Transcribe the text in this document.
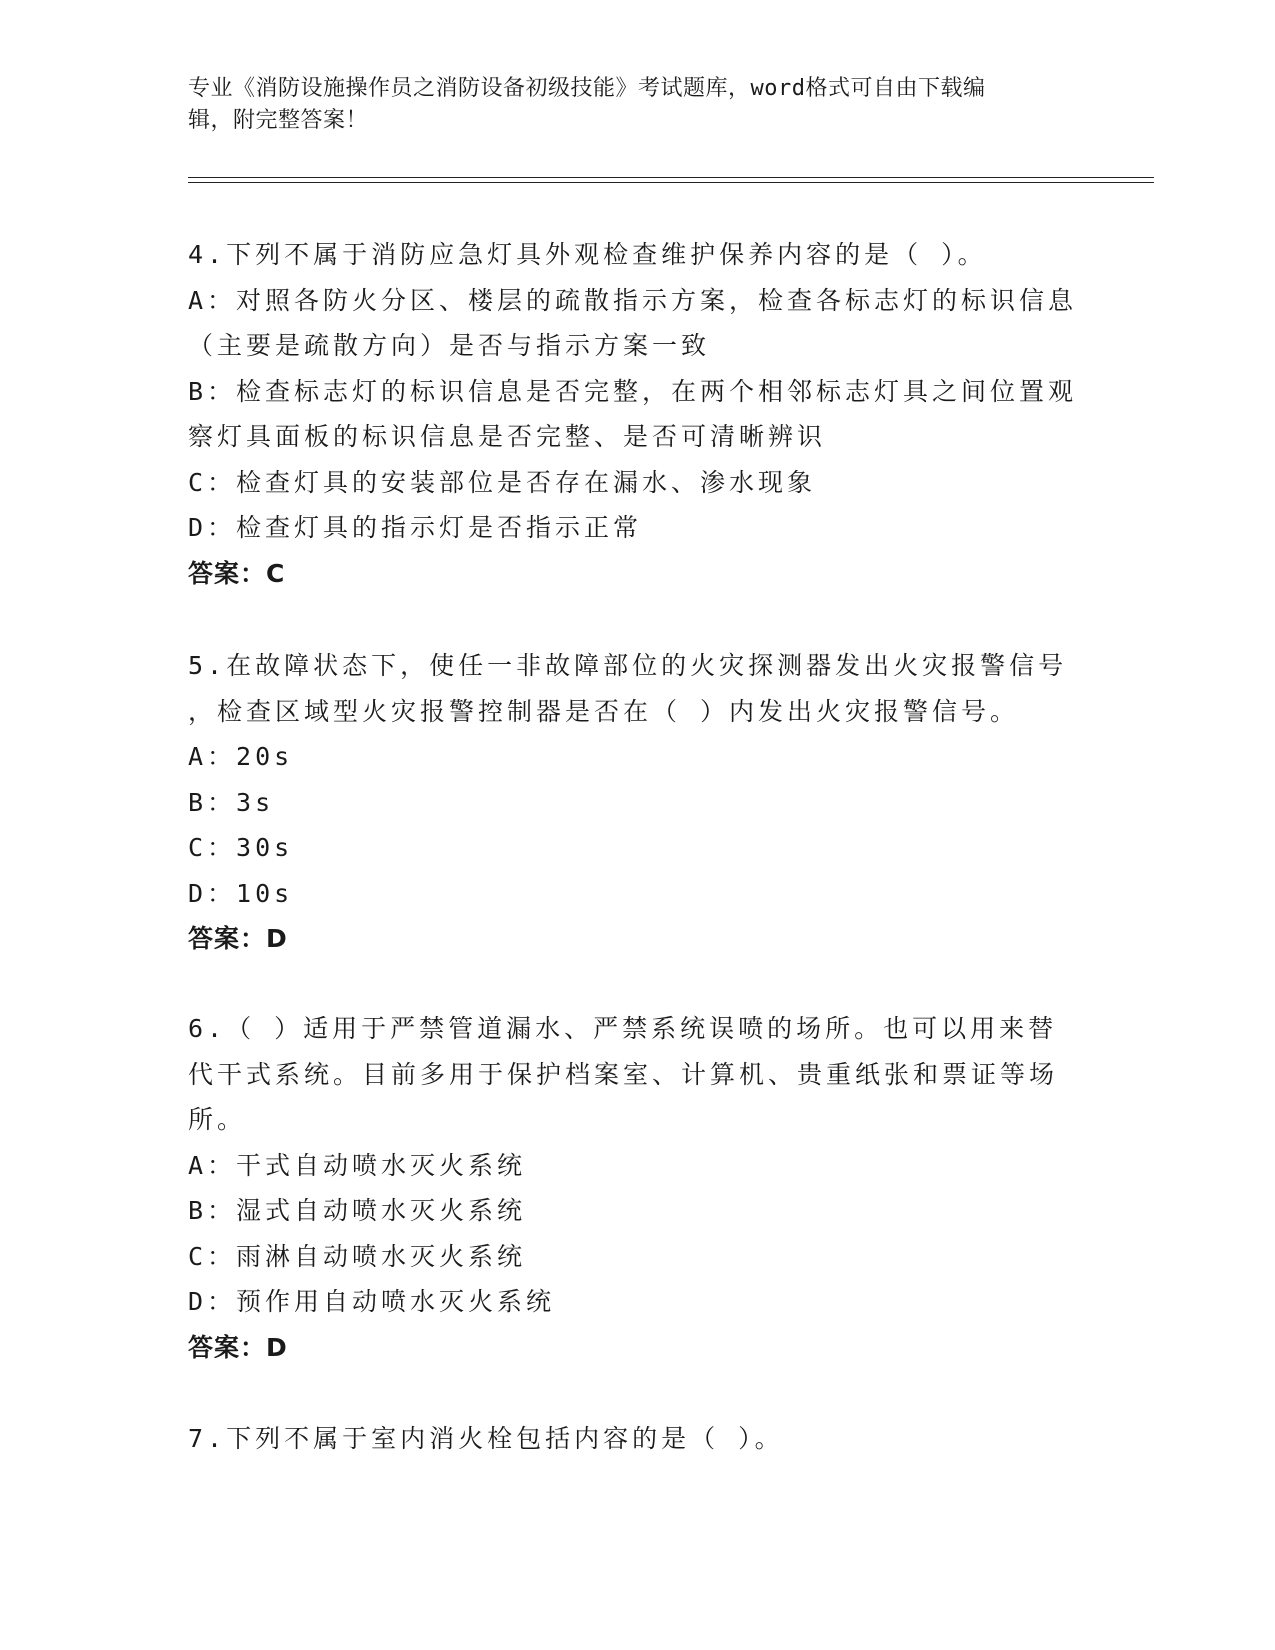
专业《消防设施操作员之消防设备初级技能》考试题库，word格式可自由下载编
辑，附完整答案！
4.下列不属于消防应急灯具外观检查维护保养内容的是（ ）。
A：对照各防火分区、楼层的疏散指示方案，检查各标志灯的标识信息
（主要是疏散方向）是否与指示方案一致
B：检查标志灯的标识信息是否完整，在两个相邻标志灯具之间位置观
察灯具面板的标识信息是否完整、是否可清晰辨识
C：检查灯具的安装部位是否存在漏水、渗水现象
D：检查灯具的指示灯是否指示正常
答案：C
5.在故障状态下，使任一非故障部位的火灾探测器发出火灾报警信号
，检查区域型火灾报警控制器是否在（ ）内发出火灾报警信号。
A：20s
B：3s
C：30s
D：10s
答案：D
6.（ ）适用于严禁管道漏水、严禁系统误喷的场所。也可以用来替
代干式系统。目前多用于保护档案室、计算机、贵重纸张和票证等场
所。
A：干式自动喷水灭火系统
B：湿式自动喷水灭火系统
C：雨淋自动喷水灭火系统
D：预作用自动喷水灭火系统
答案：D
7.下列不属于室内消火栓包括内容的是（ ）。
